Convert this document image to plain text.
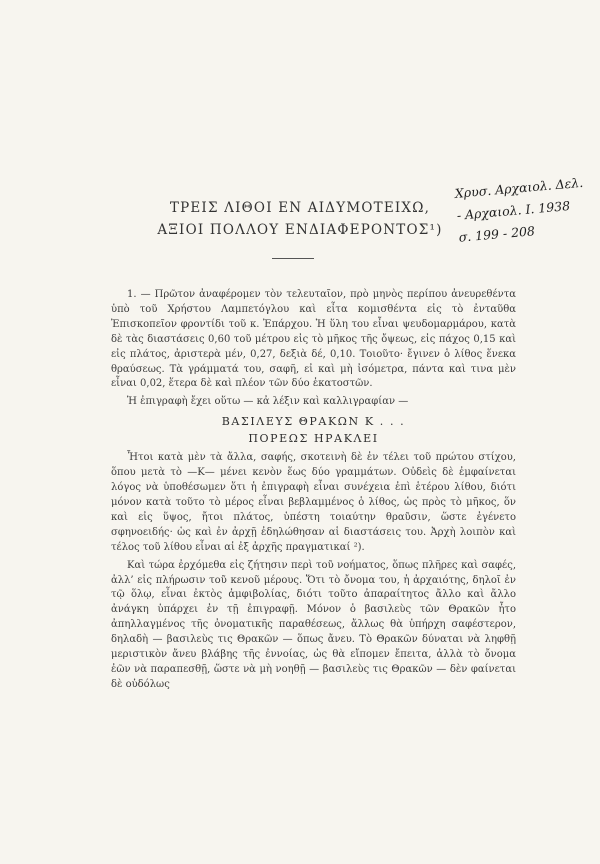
ΤΡΕΙΣ ΛΙΘΟΙ ΕΝ ΑΙΔΥΜΟΤΕΙΧΩ,
ΑΞΙΟΙ ΠΟΛΛΟΥ ΕΝΔΙΑΦΕΡΟΝΤΟΣ¹)
Χρυσ. Αρχαιολ. Δελ.
- Αρχαιολ. Ι. 1938
σ. 199 - 208

1. — Πρῶτον ἀναφέρομεν τὸν τελευταῖον, πρὸ μηνὸς περίπου ἀνευρεθέντα ὑπὸ τοῦ Χρήστου Λαμπετόγλου καὶ εἶτα κομισθέντα εἰς τὸ ἐνταῦθα Ἐπισκοπεῖον φροντίδι τοῦ κ. Ἐπάρχου. Ἡ ὕλη του εἶναι ψευδομαρμάρου, κατὰ δὲ τὰς διαστάσεις 0,60 τοῦ μέτρου εἰς τὸ μῆκος τῆς ὄψεως, εἰς πάχος 0,15 καὶ εἰς πλάτος, ἀριστερὰ μέν, 0,27, δεξιὰ δέ, 0,10. Τοιοῦτο· ἔγινεν ὁ λίθος ἕνεκα θραύσεως. Τὰ γράμματά του, σαφῆ, εἰ καὶ μὴ ἰσόμετρα, πάντα καὶ τινα μὲν εἶναι 0,02, ἕτερα δὲ καὶ πλέον τῶν δύο ἑκατοστῶν.

Ἡ ἐπιγραφὴ ἔχει οὕτω — κἀ λέξιν καὶ καλλιγραφίαν —

ΒΑΣΙΛΕΥΣ ΘΡΑΚΩΝ Κ . . .
ΠΟΡΕΩΣ ΗΡΑΚΛΕΙ

Ἧτοι κατὰ μὲν τὰ ἄλλα, σαφής, σκοτεινὴ δὲ ἐν τέλει τοῦ πρώτου στίχου, ὅπου μετὰ τὸ —Κ— μένει κενὸν ἕως δύο γραμμάτων. Οὐδεὶς δὲ ἐμφαίνεται λόγος νὰ ὑποθέσωμεν ὅτι ἡ ἐπιγραφὴ εἶναι συνέχεια ἐπὶ ἑτέρου λίθου, διότι μόνον κατὰ τοῦτο τὸ μέρος εἶναι βεβλαμμένος ὁ λίθος, ὡς πρὸς τὸ μῆκος, ὅν καὶ εἰς ὕψος, ἤτοι πλάτος, ὑπέστη τοιαύτην θραῦσιν, ὥστε ἐγένετο σφηνοειδής· ὡς καὶ ἐν ἀρχῇ ἐδηλώθησαν αἱ διαστάσεις του. Ἀρχὴ λοιπὸν καὶ τέλος τοῦ λίθου εἶναι αἱ ἐξ ἀρχῆς πραγματικαί ²).

Καὶ τώρα ἐρχόμεθα εἰς ζήτησιν περὶ τοῦ νοήματος, ὅπως πλῆρες καὶ σαφές, ἀλλ’ εἰς πλήρωσιν τοῦ κενοῦ μέρους. Ὅτι τὸ ὄνομα του, ἡ ἀρχαιότης, δηλοῖ ἐν τῷ ὅλῳ, εἶναι ἐκτὸς ἀμφιβολίας, διότι τοῦτο ἀπαραίτητος ἄλλο καὶ ἄλλο ἀνάγκη ὑπάρχει ἐν τῇ ἐπιγραφῇ. Μόνον ὁ βασιλεὺς τῶν Θρακῶν ἦτο ἀπηλλαγμένος τῆς ὀνοματικῆς παραθέσεως, ἄλλως θὰ ὑπήρχη σαφέστερον, δηλαδὴ — βασιλεὺς τις Θρακῶν — ὅπως ἄνευ. Τὸ Θρακῶν δύναται νὰ ληφθῇ μεριστικὸν ἄνευ βλάβης τῆς ἐννοίας, ὡς θὰ εἴπομεν ἔπειτα, ἀλλὰ τὸ ὄνομα ἐῶν νὰ παραπεσθῇ, ὥστε νὰ μὴ νοηθῇ — βασιλεὺς τις Θρακῶν — δὲν φαίνεται δὲ οὐδόλως
